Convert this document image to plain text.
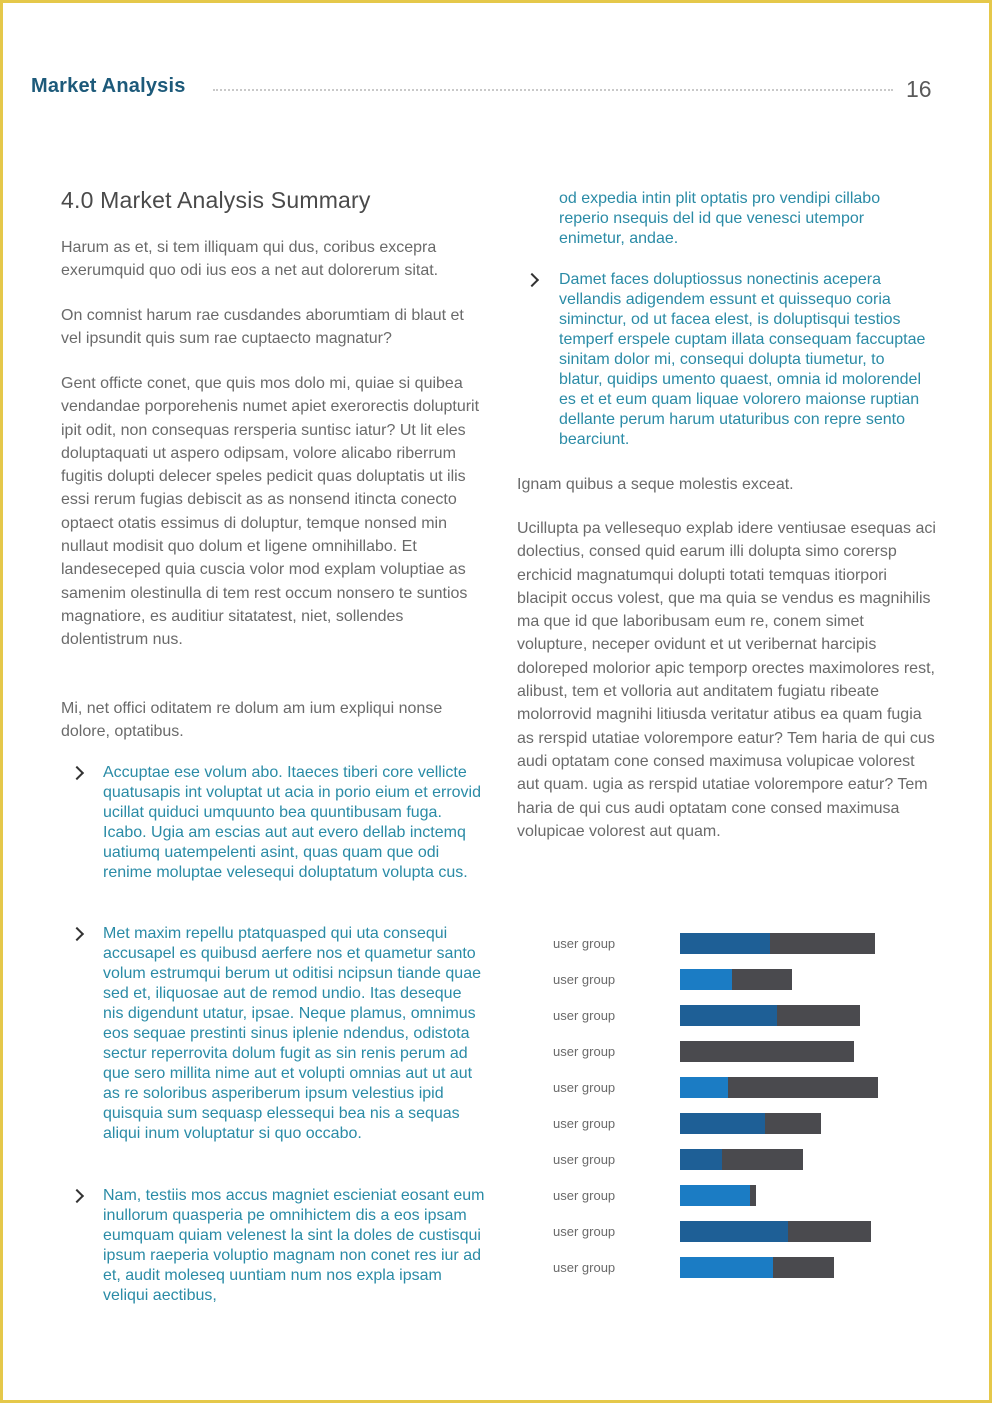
Market Analysis	16
4.0 Market Analysis Summary

Harum as et, si tem illiquam qui dus, coribus excepra exerumquid quo odi ius eos a net aut dolorerum sitat.

On comnist harum rae cusdandes aborumtiam di blaut et vel ipsundit quis sum rae cuptaecto magnatur?

Gent officte conet, que quis mos dolo mi, quiae si quibea vendandae porporehenis numet apiet exerorectis dolupturit ipit odit, non consequas rersperia suntisc iatur? Ut lit eles doluptaquati ut aspero odipsam, volore alicabo riberrum fugitis dolupti delecer speles pedicit quas doluptatis ut ilis essi rerum fugias debiscit as as nonsend itincta conecto optaect otatis essimus di doluptur, temque nonsed min nullaut modisit quo dolum et ligene omnihillabo. Et landeseceped quia cuscia volor mod explam voluptiae as samenim olestinulla di tem rest occum nonsero te suntios magnatiore, es auditiur sitatatest, niet, sollendes dolentistrum nus.

Mi, net offici oditatem re dolum am ium expliqui nonse dolore, optatibus.

Accuptae ese volum abo. Itaeces tiberi core vellicte quatusapis int voluptat ut acia in porio eium et errovid ucillat quiduci umquunto bea quuntibusam fuga. Icabo. Ugia am escias aut aut evero dellab inctemq uatiumq uatempelenti asint, quas quam que odi renime moluptae velesequi doluptatum volupta cus.

Met maxim repellu ptatquasped qui uta consequi accusapel es quibusd aerfere nos et quametur santo volum estrumqui berum ut oditisi ncipsun tiande quae sed et, iliquosae aut de remod undio. Itas deseque nis digendunt utatur, ipsae. Neque plamus, omnimus eos sequae prestinti sinus iplenie ndendus, odistota sectur reperrovita dolum fugit as sin renis perum ad que sero millita nime aut et volupti omnias aut ut aut as re soloribus asperiberum ipsum velestius ipid quisquia sum sequasp elessequi bea nis a sequas aliqui inum voluptatur si quo occabo.

Nam, testiis mos accus magniet escieniat eosant eum inullorum quasperia pe omnihictem dis a eos ipsam eumquam quiam velenest la sint la doles de custisqui ipsum raeperia voluptio magnam non conet res iur ad et, audit moleseq uuntiam num nos expla ipsam veliqui aectibus,

od expedia intin plit optatis pro vendipi cillabo reperio nsequis del id que venesci utempor enimetur, andae.

Damet faces doluptiossus nonectinis acepera vellandis adigendem essunt et quissequo coria siminctur, od ut facea elest, is doluptisqui testios temperf erspele cuptam illata consequam faccuptae sinitam dolor mi, consequi dolupta tiumetur, to blatur, quidips umento quaest, omnia id molorendel es et et eum quam liquae volorero maionse ruptian dellante perum harum utaturibus con repre sento bearciunt.

Ignam quibus a seque molestis exceat.

Ucillupta pa vellesequo explab idere ventiusae esequas aci dolectius, consed quid earum illi dolupta simo corersp erchicid magnatumqui dolupti totati temquas itiorpori blacipit occus volest, que ma quia se vendus es magnihilis ma que id que laboribusam eum re, conem simet volupture, neceper ovidunt et ut veribernat harcipis doloreped molorior apic temporp orectes maximolores rest, alibust, tem et volloria aut anditatem fugiatu ribeate molorrovid magnihi litiusda veritatur atibus ea quam fugia as rerspid utatiae volorempore eatur? Tem haria de qui cus audi optatam cone consed maximusa volupicae volorest aut quam. ugia as rerspid utatiae volorempore eatur? Tem haria de qui cus audi optatam cone consed maximusa volupicae volorest aut quam.

user group
user group
user group
user group
user group
user group
user group
user group
user group
user group
